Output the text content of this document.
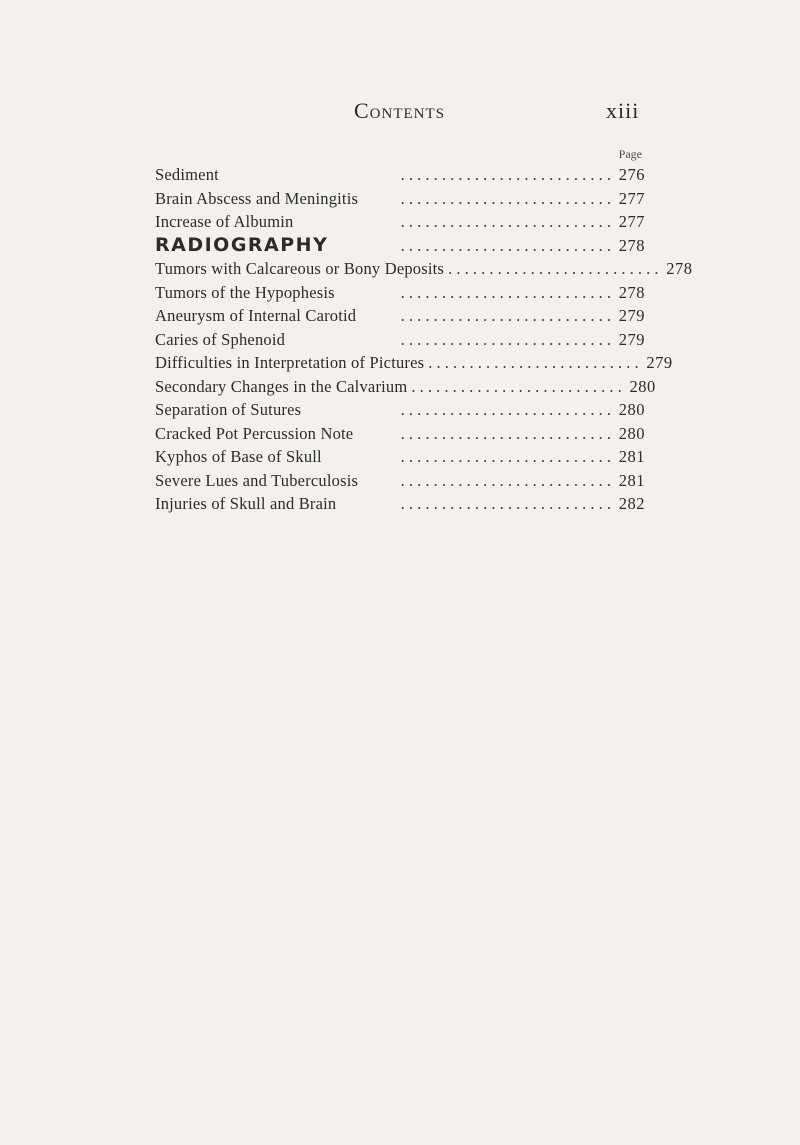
Contents	xiii
Page
Sediment	. . . . . . . . . . . . . . . . . . . . . . . . . . 276
Brain Abscess and Meningitis	. . . . . . . . . . . . . . . . . . . . . . . . . . 277
Increase of Albumin	. . . . . . . . . . . . . . . . . . . . . . . . . . 277
RADIOGRAPHY	. . . . . . . . . . . . . . . . . . . . . . . . . . 278
Tumors with Calcareous or Bony Deposits . . . . . . . . . . . . . . . . . . . . . . . . . . 278
Tumors of the Hypophesis	. . . . . . . . . . . . . . . . . . . . . . . . . . 278
Aneurysm of Internal Carotid	. . . . . . . . . . . . . . . . . . . . . . . . . . 279
Caries of Sphenoid	. . . . . . . . . . . . . . . . . . . . . . . . . . 279
Difficulties in Interpretation of Pictures . . . . . . . . . . . . . . . . . . . . . . . . . . 279
Secondary Changes in the Calvarium . . . . . . . . . . . . . . . . . . . . . . . . . . 280
Separation of Sutures	. . . . . . . . . . . . . . . . . . . . . . . . . . 280
Cracked Pot Percussion Note	. . . . . . . . . . . . . . . . . . . . . . . . . . 280
Kyphos of Base of Skull	. . . . . . . . . . . . . . . . . . . . . . . . . . 281
Severe Lues and Tuberculosis	. . . . . . . . . . . . . . . . . . . . . . . . . . 281
Injuries of Skull and Brain	. . . . . . . . . . . . . . . . . . . . . . . . . . 282
